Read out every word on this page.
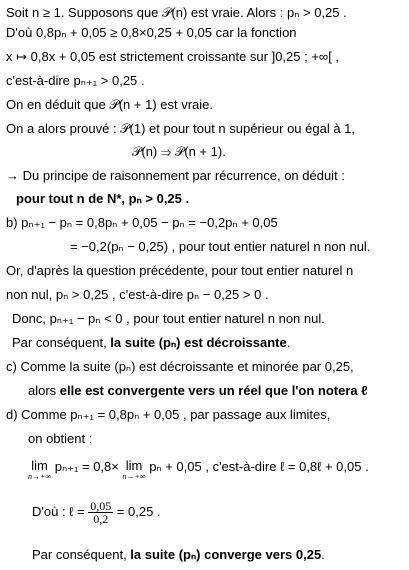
Soit n ≥ 1. Supposons que 𝒫(n) est vraie. Alors : pₙ > 0,25 .
D'où 0,8pₙ + 0,05 ≥ 0,8×0,25 + 0,05 car la fonction
x ↦ 0,8x + 0,05 est strictement croissante sur ]0,25 ; +∞[ ,
c'est-à-dire pₙ₊₁ > 0,25 .
On en déduit que 𝒫(n + 1) est vraie.
On a alors prouvé : 𝒫(1) et pour tout n supérieur ou égal à 1,
𝒫(n) ⇒ 𝒫(n + 1).
→ Du principe de raisonnement par récurrence, on déduit :
pour tout n de N*, pₙ > 0,25 .
b) pₙ₊₁ − pₙ = 0,8pₙ + 0,05 − pₙ = −0,2pₙ + 0,05
= −0,2(pₙ − 0,25) , pour tout entier naturel n non nul.
Or, d'après la question précédente, pour tout entier naturel n
non nul, pₙ > 0,25 , c'est-à-dire pₙ − 0,25 > 0 .
Donc, pₙ₊₁ − pₙ < 0 , pour tout entier naturel n non nul.
Par conséquent, la suite (pₙ) est décroissante.
c) Comme la suite (pₙ) est décroissante et minorée par 0,25,
alors elle est convergente vers un réel que l'on notera ℓ
d) Comme pₙ₊₁ = 0,8pₙ + 0,05 , par passage aux limites,
on obtient :
lim
n→+∞
pₙ₊₁ = 0,8× lim
n→+∞
pₙ + 0,05 , c'est-à-dire ℓ = 0,8ℓ + 0,05 .
D'où : ℓ = $\frac{0,05}{0,2} = 0,25$ .
Par conséquent, la suite (pₙ) converge vers 0,25.
